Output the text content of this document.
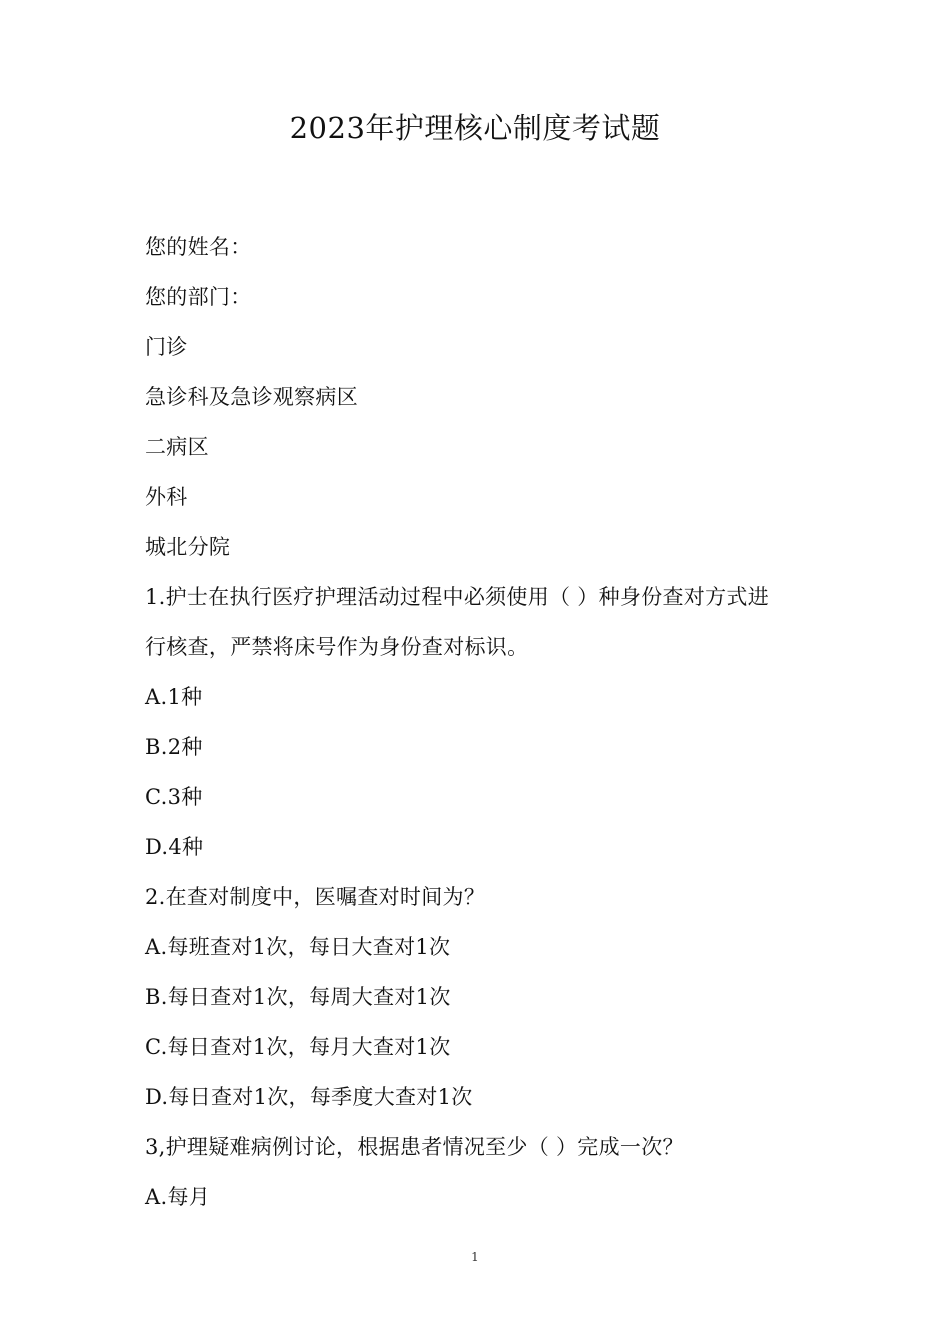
2023年护理核心制度考试题
您的姓名：
您的部门：
门诊
急诊科及急诊观察病区
二病区
外科
城北分院
1.护士在执行医疗护理活动过程中必须使用（ ）种身份查对方式进
行核查，严禁将床号作为身份查对标识。
A.1种
B.2种
C.3种
D.4种
2.在查对制度中，医嘱查对时间为？
A.每班查对1次，每日大查对1次
B.每日查对1次，每周大查对1次
C.每日查对1次，每月大查对1次
D.每日查对1次，每季度大查对1次
3,护理疑难病例讨论，根据患者情况至少（ ）完成一次？
A.每月
1
